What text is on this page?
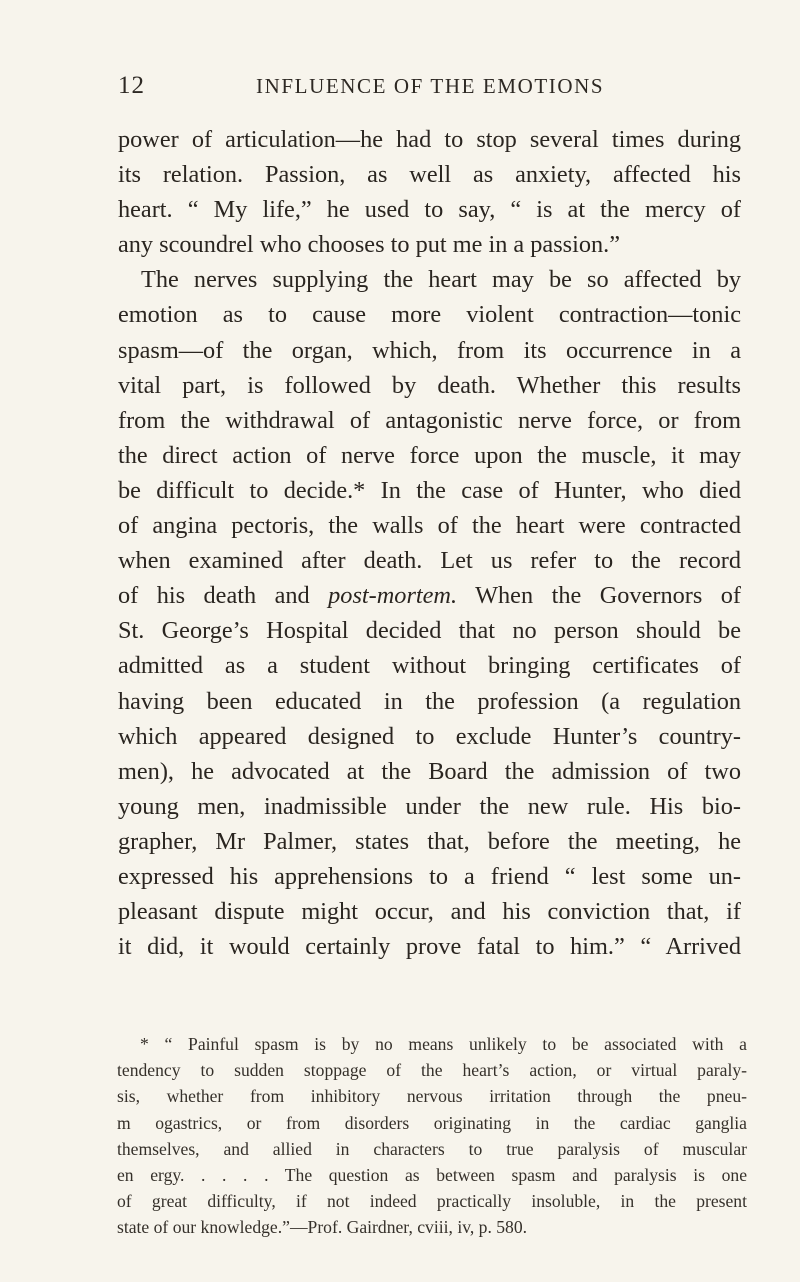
12	INFLUENCE OF THE EMOTIONS
power of articulation—he had to stop several times during
its relation. Passion, as well as anxiety, affected his
heart. “ My life,” he used to say, “ is at the mercy of
any scoundrel who chooses to put me in a passion.”
The nerves supplying the heart may be so affected by
emotion as to cause more violent contraction—tonic
spasm—of the organ, which, from its occurrence in a
vital part, is followed by death. Whether this results
from the withdrawal of antagonistic nerve force, or from
the direct action of nerve force upon the muscle, it may
be difficult to decide.* In the case of Hunter, who died
of angina pectoris, the walls of the heart were contracted
when examined after death. Let us refer to the record
of his death and post-mortem. When the Governors of
St. George’s Hospital decided that no person should be
admitted as a student without bringing certificates of
having been educated in the profession (a regulation
which appeared designed to exclude Hunter’s country-
men), he advocated at the Board the admission of two
young men, inadmissible under the new rule. His bio-
grapher, Mr Palmer, states that, before the meeting, he
expressed his apprehensions to a friend “ lest some un-
pleasant dispute might occur, and his conviction that, if
it did, it would certainly prove fatal to him.” “ Arrived
* “ Painful spasm is by no means unlikely to be associated with a
tendency to sudden stoppage of the heart’s action, or virtual paraly-
sis, whether from inhibitory nervous irritation through the pneu-
m ogastrics, or from disorders originating in the cardiac ganglia
themselves, and allied in characters to true paralysis of muscular
en ergy. . . . . The question as between spasm and paralysis is one
of great difficulty, if not indeed practically insoluble, in the present
state of our knowledge.”—Prof. Gairdner, cviii, iv, p. 580.
